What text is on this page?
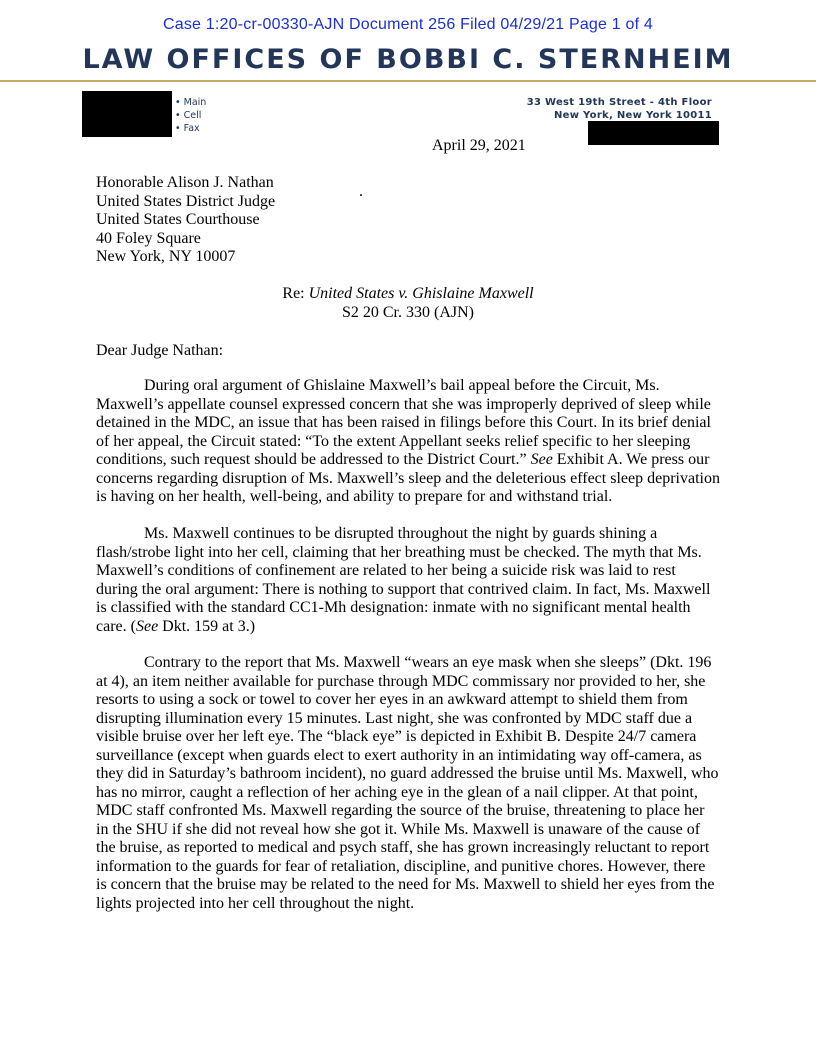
Case 1:20-cr-00330-AJN Document 256 Filed 04/29/21 Page 1 of 4
LAW OFFICES OF BOBBI C. STERNHEIM
• Main
• Cell
• Fax
33 West 19th Street - 4th Floor
New York, New York 10011
April 29, 2021
Honorable Alison J. Nathan
United States District Judge
United States Courthouse
40 Foley Square
New York, NY 10007
.
Re: United States v. Ghislaine Maxwell
S2 20 Cr. 330 (AJN)
Dear Judge Nathan:

During oral argument of Ghislaine Maxwell’s bail appeal before the Circuit, Ms. Maxwell’s appellate counsel expressed concern that she was improperly deprived of sleep while detained in the MDC, an issue that has been raised in filings before this Court. In its brief denial of her appeal, the Circuit stated: “To the extent Appellant seeks relief specific to her sleeping conditions, such request should be addressed to the District Court.” See Exhibit A. We press our concerns regarding disruption of Ms. Maxwell’s sleep and the deleterious effect sleep deprivation is having on her health, well-being, and ability to prepare for and withstand trial.

Ms. Maxwell continues to be disrupted throughout the night by guards shining a flash/strobe light into her cell, claiming that her breathing must be checked. The myth that Ms. Maxwell’s conditions of confinement are related to her being a suicide risk was laid to rest during the oral argument: There is nothing to support that contrived claim. In fact, Ms. Maxwell is classified with the standard CC1-Mh designation: inmate with no significant mental health care. (See Dkt. 159 at 3.)

Contrary to the report that Ms. Maxwell “wears an eye mask when she sleeps” (Dkt. 196 at 4), an item neither available for purchase through MDC commissary nor provided to her, she resorts to using a sock or towel to cover her eyes in an awkward attempt to shield them from disrupting illumination every 15 minutes. Last night, she was confronted by MDC staff due a visible bruise over her left eye. The “black eye” is depicted in Exhibit B. Despite 24/7 camera surveillance (except when guards elect to exert authority in an intimidating way off-camera, as they did in Saturday’s bathroom incident), no guard addressed the bruise until Ms. Maxwell, who has no mirror, caught a reflection of her aching eye in the glean of a nail clipper. At that point, MDC staff confronted Ms. Maxwell regarding the source of the bruise, threatening to place her in the SHU if she did not reveal how she got it. While Ms. Maxwell is unaware of the cause of the bruise, as reported to medical and psych staff, she has grown increasingly reluctant to report information to the guards for fear of retaliation, discipline, and punitive chores. However, there is concern that the bruise may be related to the need for Ms. Maxwell to shield her eyes from the lights projected into her cell throughout the night.
